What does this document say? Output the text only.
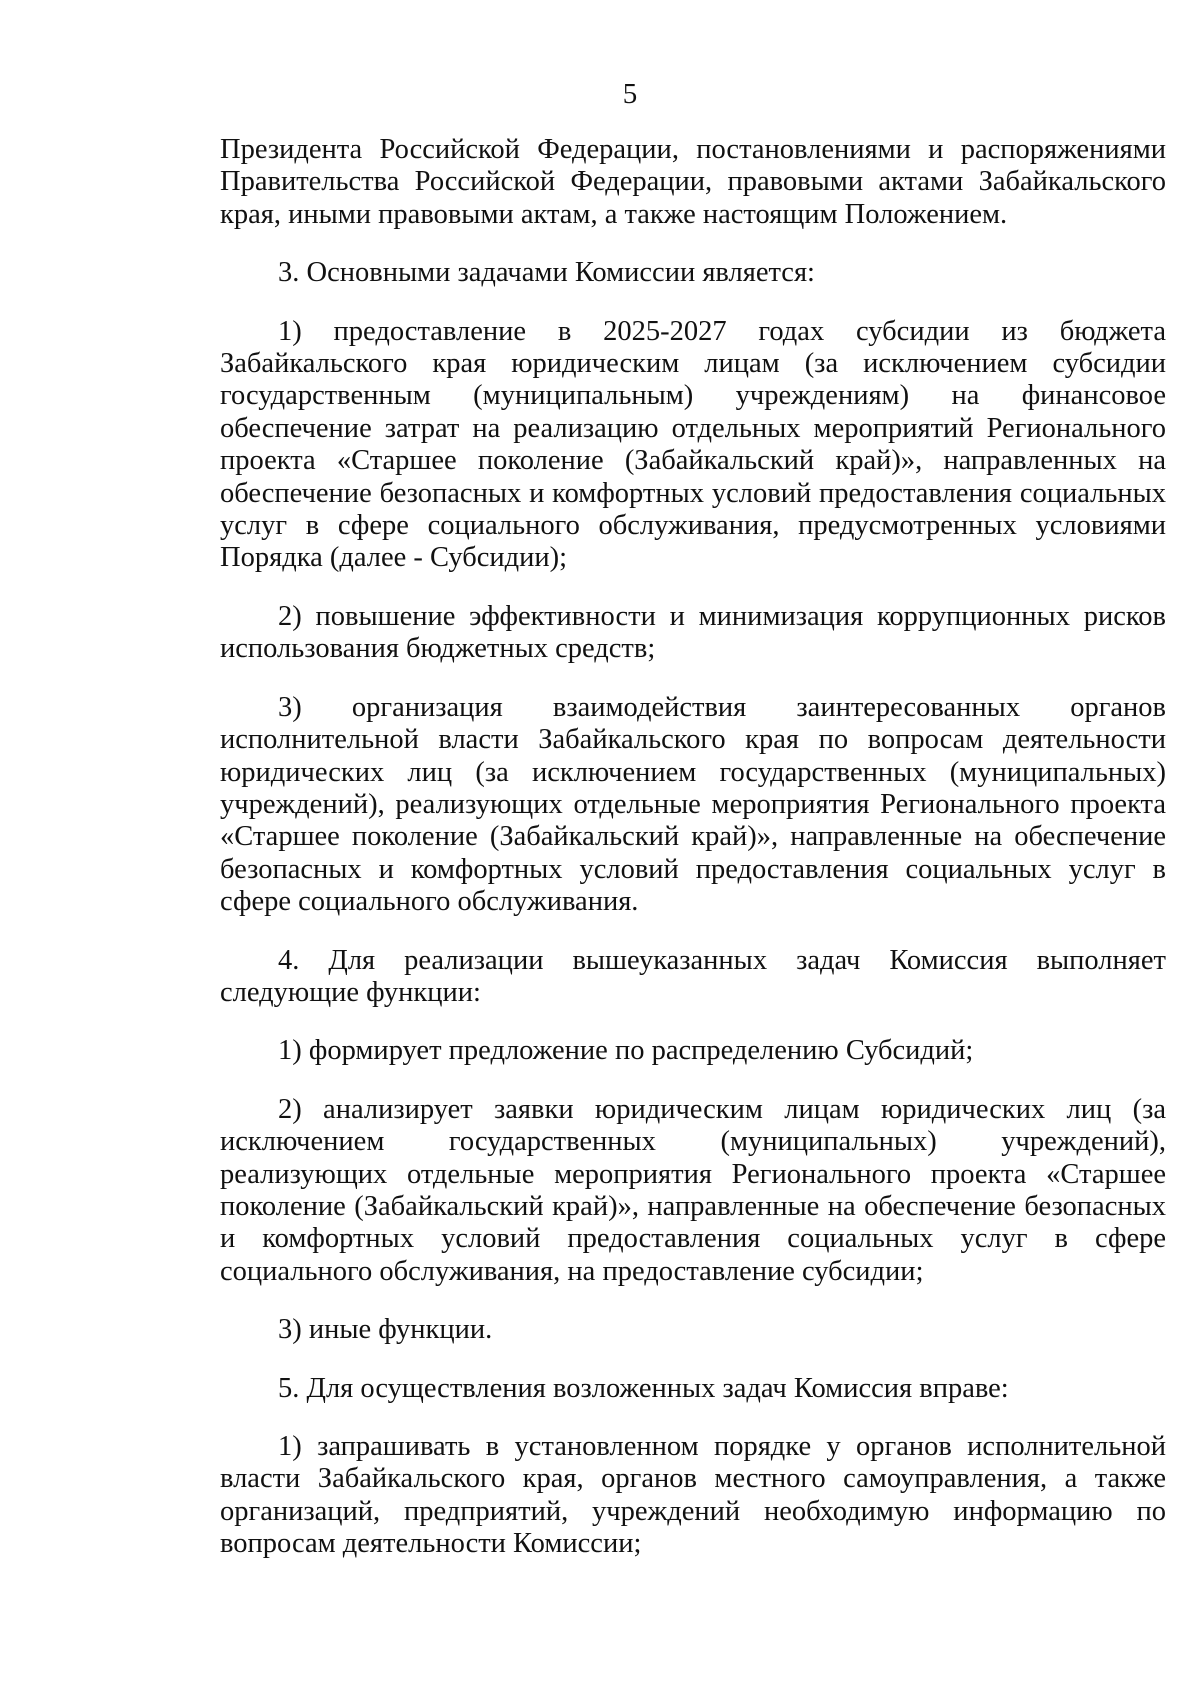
5

Президента Российской Федерации, постановлениями и распоряжениями Правительства Российской Федерации, правовыми актами Забайкальского края, иными правовыми актам, а также настоящим Положением.

3. Основными задачами Комиссии является:

1) предоставление в 2025-2027 годах субсидии из бюджета Забайкальского края юридическим лицам (за исключением субсидии государственным (муниципальным) учреждениям) на финансовое обеспечение затрат на реализацию отдельных мероприятий Регионального проекта «Старшее поколение (Забайкальский край)», направленных на обеспечение безопасных и комфортных условий предоставления социальных услуг в сфере социального обслуживания, предусмотренных условиями Порядка (далее - Субсидии);

2) повышение эффективности и минимизация коррупционных рисков использования бюджетных средств;

3) организация взаимодействия заинтересованных органов исполнительной власти Забайкальского края по вопросам деятельности юридических лиц (за исключением государственных (муниципальных) учреждений), реализующих отдельные мероприятия Регионального проекта «Старшее поколение (Забайкальский край)», направленные на обеспечение безопасных и комфортных условий предоставления социальных услуг в сфере социального обслуживания.

4. Для реализации вышеуказанных задач Комиссия выполняет следующие функции:

1) формирует предложение по распределению Субсидий;

2) анализирует заявки юридическим лицам юридических лиц (за исключением государственных (муниципальных) учреждений), реализующих отдельные мероприятия Регионального проекта «Старшее поколение (Забайкальский край)», направленные на обеспечение безопасных и комфортных условий предоставления социальных услуг в сфере социального обслуживания, на предоставление субсидии;

3) иные функции.

5. Для осуществления возложенных задач Комиссия вправе:

1) запрашивать в установленном порядке у органов исполнительной власти Забайкальского края, органов местного самоуправления, а также организаций, предприятий, учреждений необходимую информацию по вопросам деятельности Комиссии;
